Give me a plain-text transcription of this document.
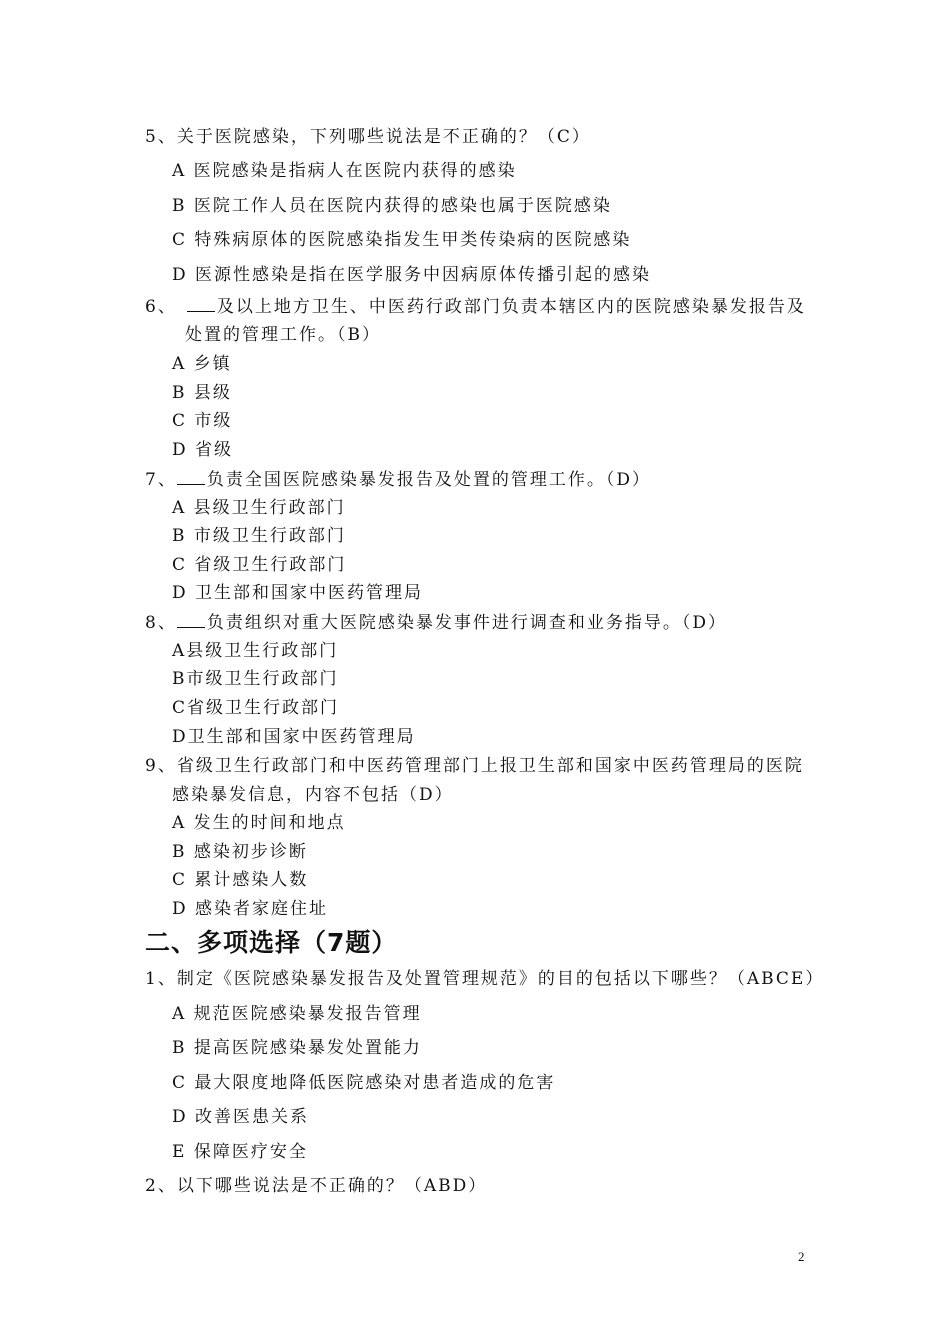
5、关于医院感染，下列哪些说法是不正确的？（C）
A 医院感染是指病人在医院内获得的感染
B 医院工作人员在医院内获得的感染也属于医院感染
C 特殊病原体的医院感染指发生甲类传染病的医院感染
D 医源性感染是指在医学服务中因病原体传播引起的感染
6、 及以上地方卫生、中医药行政部门负责本辖区内的医院感染暴发报告及
处置的管理工作。（B）
A 乡镇
B 县级
C 市级
D 省级
7、 负责全国医院感染暴发报告及处置的管理工作。（D）
A 县级卫生行政部门
B 市级卫生行政部门
C 省级卫生行政部门
D 卫生部和国家中医药管理局
8、 负责组织对重大医院感染暴发事件进行调查和业务指导。（D）
A县级卫生行政部门
B市级卫生行政部门
C省级卫生行政部门
D卫生部和国家中医药管理局
9、省级卫生行政部门和中医药管理部门上报卫生部和国家中医药管理局的医院
感染暴发信息，内容不包括（D）
A 发生的时间和地点
B 感染初步诊断
C 累计感染人数
D 感染者家庭住址
二、多项选择（7题）
1、制定《医院感染暴发报告及处置管理规范》的目的包括以下哪些？（ABCE）
A 规范医院感染暴发报告管理
B 提高医院感染暴发处置能力
C 最大限度地降低医院感染对患者造成的危害
D 改善医患关系
E 保障医疗安全
2、以下哪些说法是不正确的？（ABD）
2
